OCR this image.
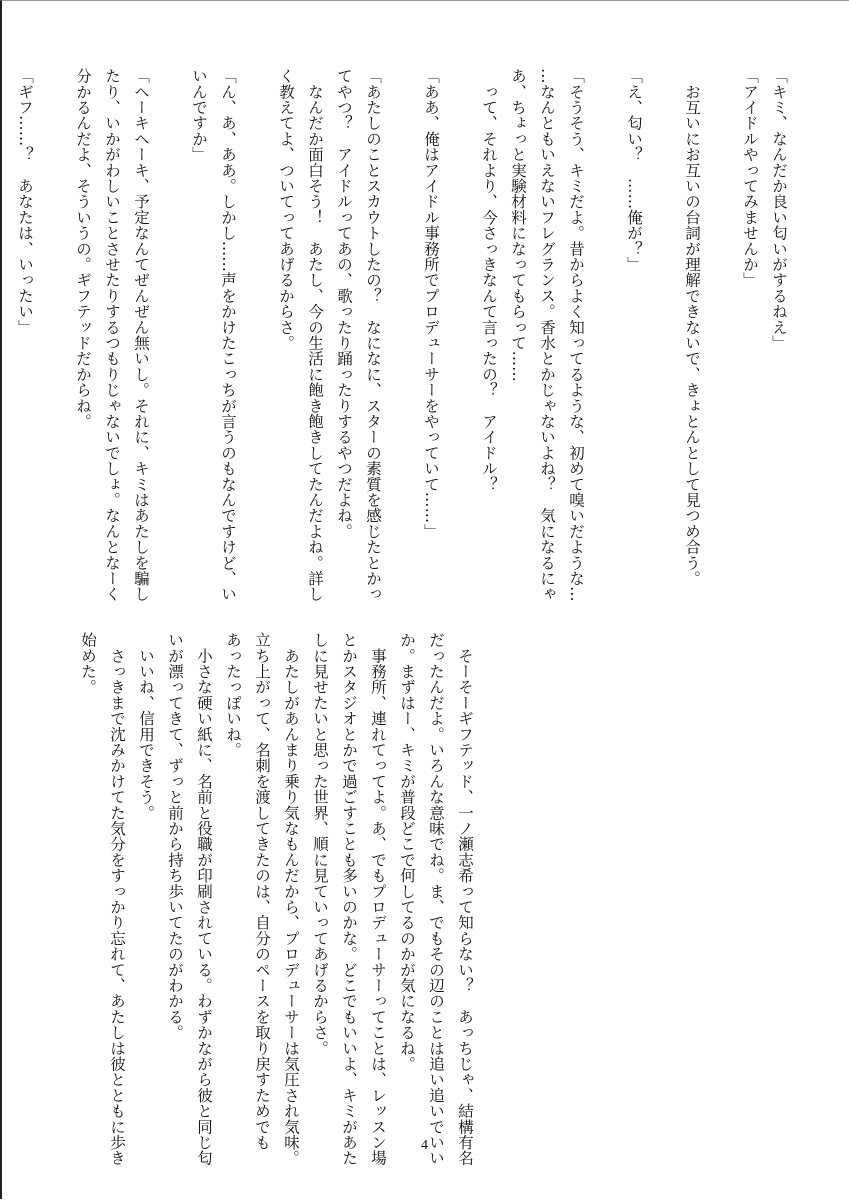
「キミ、なんだか良い匂いがするねえ」
「アイドルやってみませんか」

　お互いにお互いの台詞が理解できないで、きょとんとして見つめ合う。

「え、匂い？　……俺が？」

「そうそう、キミだよ。昔からよく知ってるような、初めて嗅いだような…
…なんともいえないフレグランス。香水とかじゃないよね？　気になるにゃ
あ、ちょっと実験材料になってもらって……
　って、それより、今さっきなんて言ったの？　アイドル？

「ああ、俺はアイドル事務所でプロデューサーをやっていて……」

「あたしのことスカウトしたの？　なになに、スターの素質を感じたとかっ
てやつ？　アイドルってあの、歌ったり踊ったりするやつだよね。
　なんだか面白そう！　あたし、今の生活に飽き飽きしてたんだよね。詳し
く教えてよ、ついてってあげるからさ。

「ん、あ、ああ。しかし……声をかけたこっちが言うのもなんですけど、い
いんですか」

「ヘーキヘーキ、予定なんてぜんぜん無いし。それに、キミはあたしを騙し
たり、いかがわしいことさせたりするつもりじゃないでしょ。なんとなーく
分かるんだよ、そういうの。ギフテッドだからね。

「ギフ……？　あなたは、いったい」
　そーそーギフテッド、一ノ瀬志希って知らない？　あっちじゃ、結構有名
だったんだよ。いろんな意味でね。ま、でもその辺のことは追い追いでいい
か。まずはー、キミが普段どこで何してるのかが気になるね。
　事務所、連れてってよ。あ、でもプロデューサーってことは、レッスン場
とかスタジオとかで過ごすことも多いのかな。どこでもいいよ、キミがあた
しに見せたいと思った世界、順に見ていってあげるからさ。
　あたしがあんまり乗り気なもんだから、プロデューサーは気圧され気味。
立ち上がって、名刺を渡してきたのは、自分のペースを取り戻すためでも
あったっぽいね。
　小さな硬い紙に、名前と役職が印刷されている。わずかながら彼と同じ匂
いが漂ってきて、ずっと前から持ち歩いてたのがわかる。
　いいね、信用できそう。
　さっきまで沈みかけてた気分をすっかり忘れて、あたしは彼とともに歩き
始めた。
4
